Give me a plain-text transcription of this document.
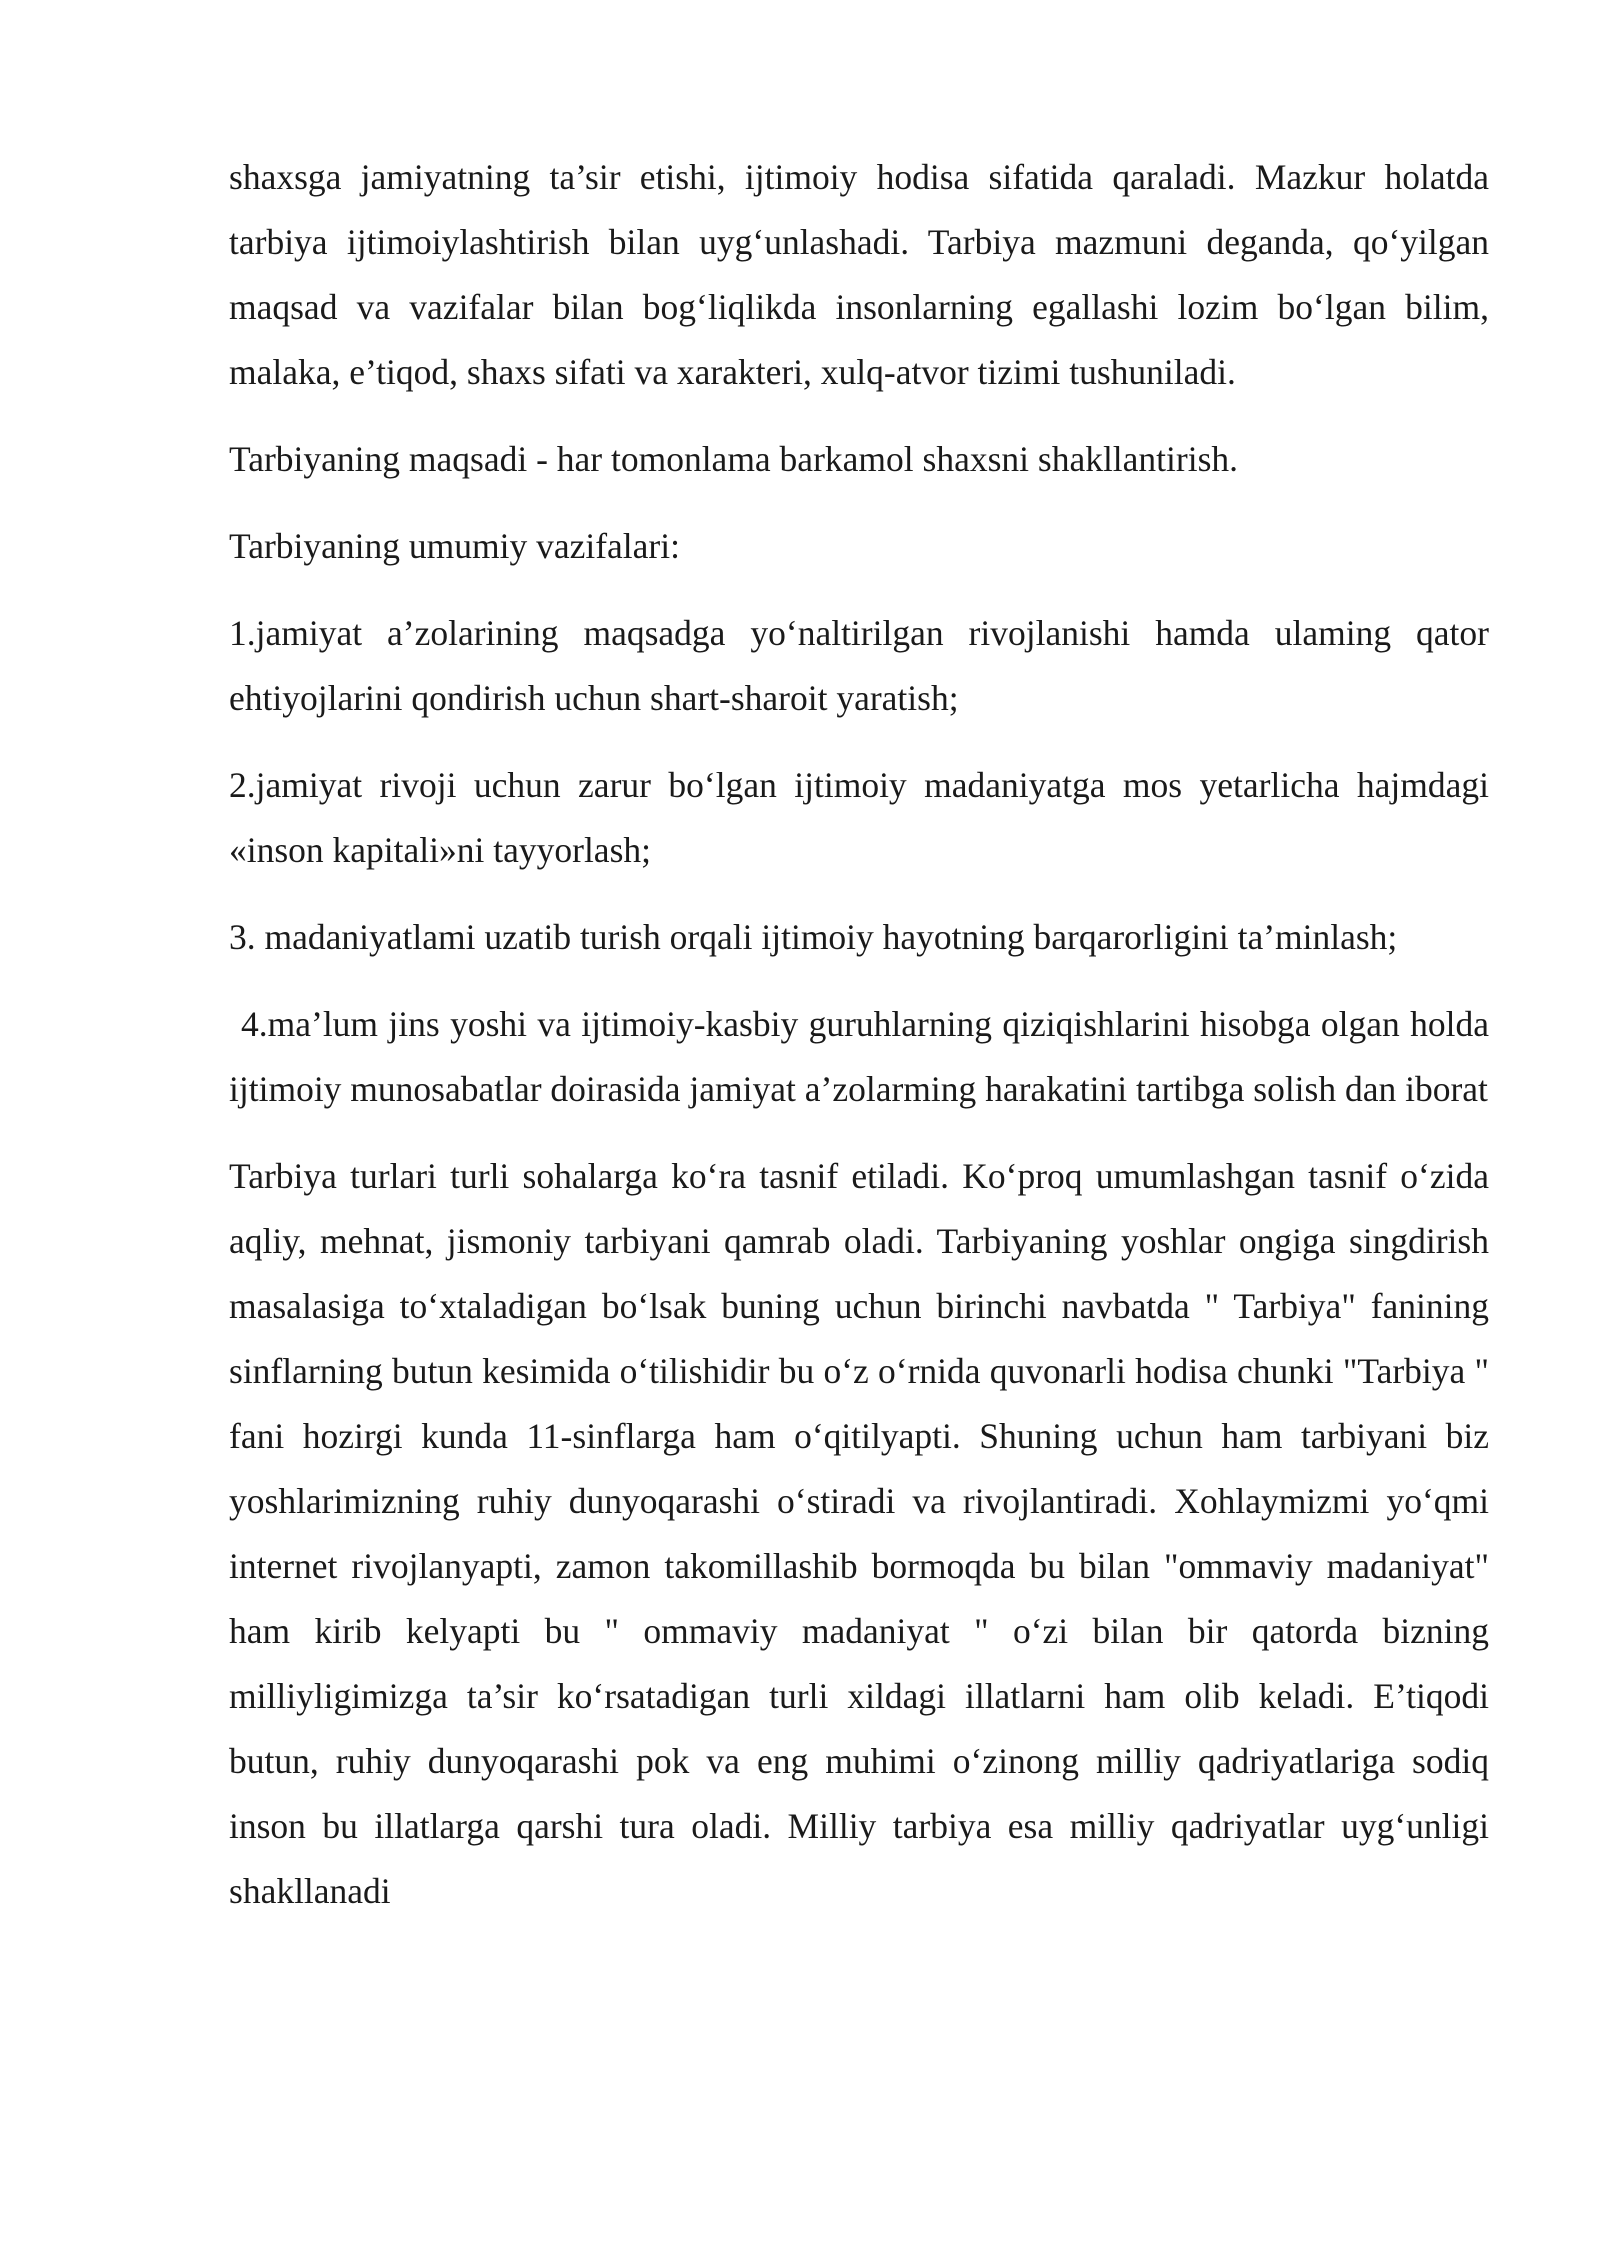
shaxsga jamiyatning ta’sir etishi, ijtimoiy hodisa sifatida qaraladi. Mazkur holatda tarbiya ijtimoiylashtirish bilan uyg‘unlashadi. Tarbiya mazmuni deganda, qo‘yilgan maqsad va vazifalar bilan bog‘liqlikda insonlarning egallashi lozim bo‘lgan bilim, malaka, e’tiqod, shaxs sifati va xarakteri, xulq-atvor tizimi tushuniladi.

Tarbiyaning maqsadi - har tomonlama barkamol shaxsni shakllantirish.

Tarbiyaning umumiy vazifalari:

1.jamiyat a’zolarining maqsadga yo‘naltirilgan rivojlanishi hamda ulaming qator ehtiyojlarini qondirish uchun shart-sharoit yaratish;

2.jamiyat rivoji uchun zarur bo‘lgan ijtimoiy madaniyatga mos yetarlicha hajmdagi «inson kapitali»ni tayyorlash;

3. madaniyatlami uzatib turish orqali ijtimoiy hayotning barqarorligini ta’minlash;

4.ma’lum jins yoshi va ijtimoiy-kasbiy guruhlarning qiziqishlarini hisobga olgan holda ijtimoiy munosabatlar doirasida jamiyat a’zolarming harakatini tartibga solish dan iborat

Tarbiya turlari turli sohalarga ko‘ra tasnif etiladi. Ko‘proq umumlashgan tasnif o‘zida aqliy, mehnat, jismoniy tarbiyani qamrab oladi. Tarbiyaning yoshlar ongiga singdirish masalasiga to‘xtaladigan bo‘lsak buning uchun birinchi navbatda " Tarbiya" fanining sinflarning butun kesimida o‘tilishidir bu o‘z o‘rnida quvonarli hodisa chunki "Tarbiya " fani hozirgi kunda 11-sinflarga ham o‘qitilyapti. Shuning uchun ham tarbiyani biz yoshlarimizning ruhiy dunyoqarashi o‘stiradi va rivojlantiradi. Xohlaymizmi yo‘qmi internet rivojlanyapti, zamon takomillashib bormoqda bu bilan "ommaviy madaniyat" ham kirib kelyapti bu " ommaviy madaniyat " o‘zi bilan bir qatorda bizning milliyligimizga ta’sir ko‘rsatadigan turli xildagi illatlarni ham olib keladi. E’tiqodi butun, ruhiy dunyoqarashi pok va eng muhimi o‘zinong milliy qadriyatlariga sodiq inson bu illatlarga qarshi tura oladi. Milliy tarbiya esa milliy qadriyatlar uyg‘unligi shakllanadi
